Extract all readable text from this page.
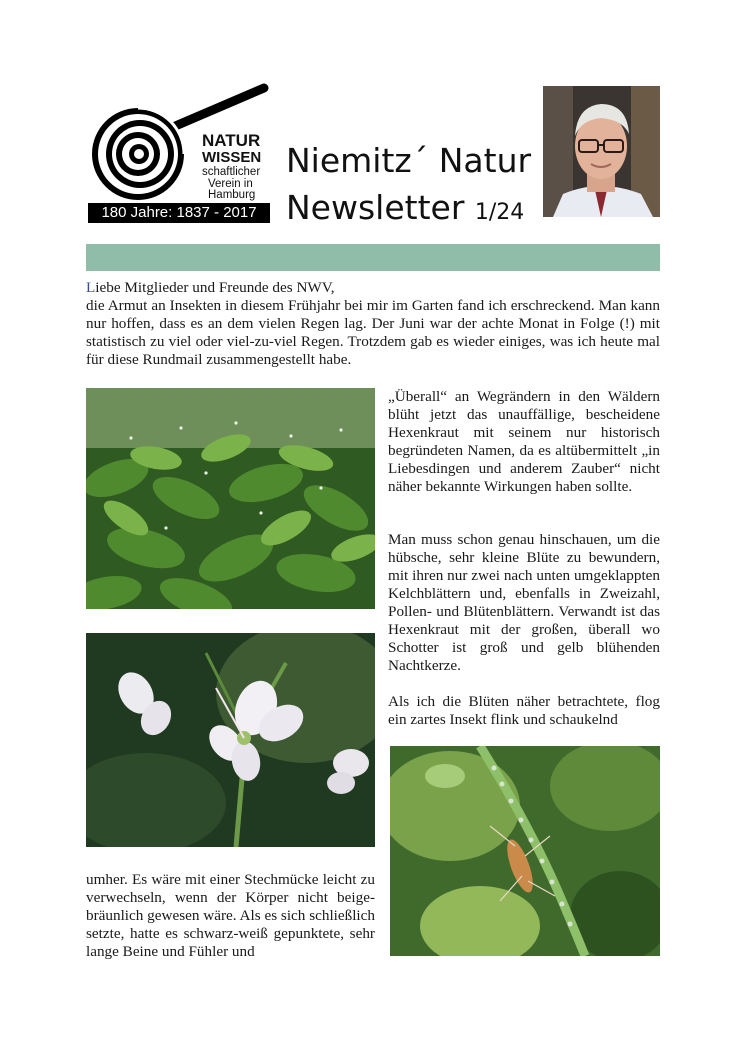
NATUR
WISSEN
schaftlicher
Verein in
Hamburg
180 Jahre: 1837 - 2017
Niemitz´ Natur
Newsletter 1/24

Liebe Mitglieder und Freunde des NWV,

die Armut an Insekten in diesem Frühjahr bei mir im Garten fand ich erschreckend. Man kann nur hoffen, dass es an dem vielen Regen lag. Der Juni war der achte Monat in Folge (!) mit statistisch zu viel oder viel-zu-viel Regen. Trotzdem gab es wieder einiges, was ich heute mal für diese Rundmail zusammengestellt habe.

„Überall“ an Wegrändern in den Wäldern blüht jetzt das unauffällige, bescheidene Hexenkraut mit seinem nur historisch begründeten Namen, da es altübermittelt „in Liebesdingen und anderem Zauber“ nicht näher bekannte Wirkungen haben sollte.
Man muss schon genau hinschauen, um die hübsche, sehr kleine Blüte zu bewundern, mit ihren nur zwei nach unten umgeklappten Kelchblättern und, ebenfalls in Zweizahl, Pollen- und Blütenblättern. Verwandt ist das Hexenkraut mit der großen, überall wo Schotter ist groß und gelb blühenden Nachtkerze.
Als ich die Blüten näher betrachtete, flog ein zartes Insekt flink und schaukelnd
umher. Es wäre mit einer Stechmücke leicht zu verwechseln, wenn der Körper nicht beige-bräunlich gewesen wäre. Als es sich schließlich setzte, hatte es schwarz-weiß gepunktete, sehr lange Beine und Fühler und
